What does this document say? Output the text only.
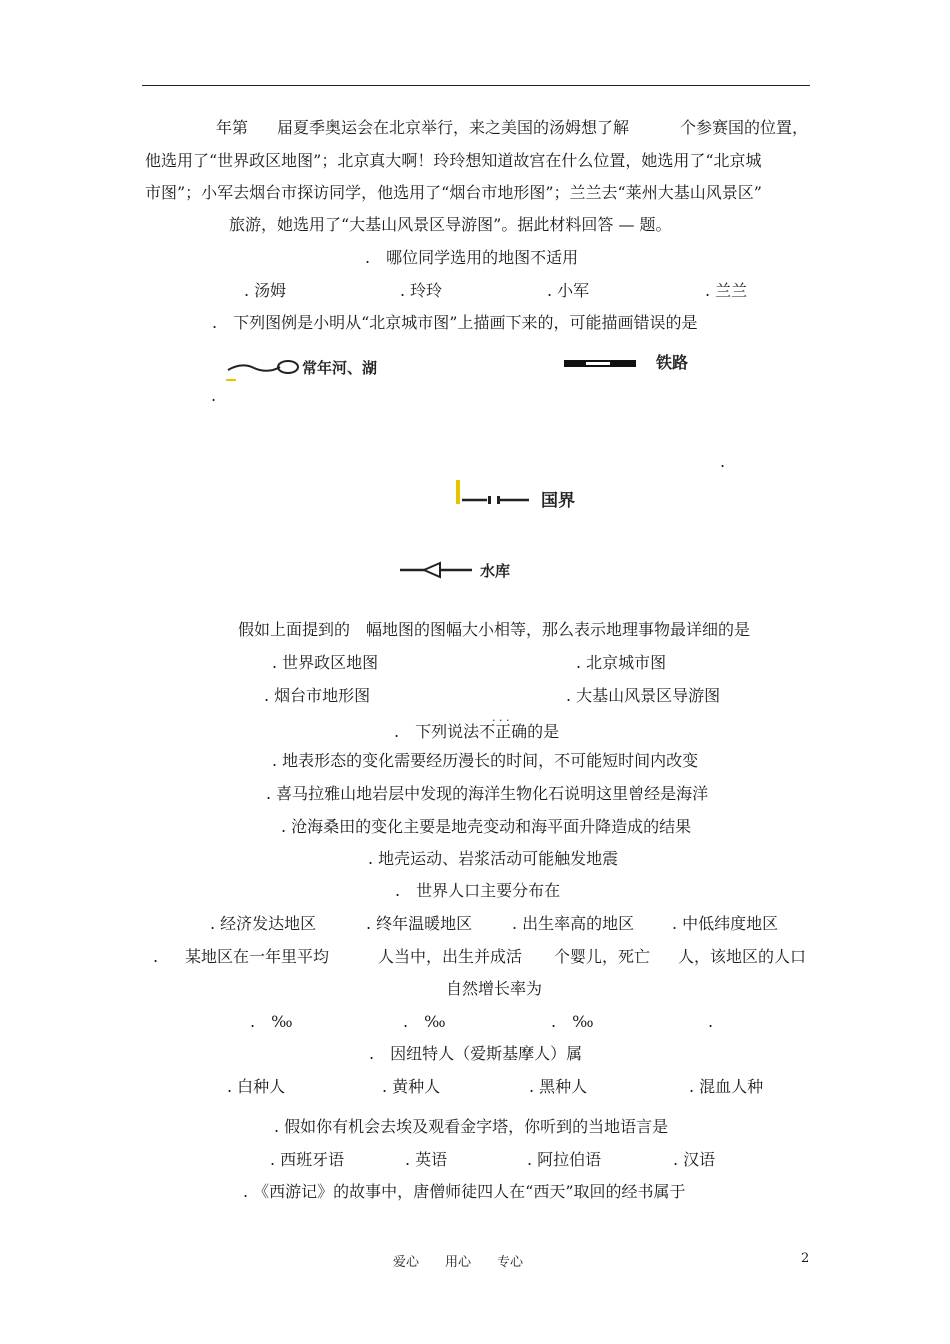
年第 届夏季奥运会在北京举行，来之美国的汤姆想了解	个参赛国的位置，
他选用了“世界政区地图”；北京真大啊！玲玲想知道故宫在什么位置，她选用了“北京城
市图”；小军去烟台市探访同学，他选用了“烟台市地形图”；兰兰去“莱州大基山风景区”
旅游，她选用了“大基山风景区导游图”。据此材料回答 — 题。
.　哪位同学选用的地图不适用
. 汤姆	. 玲玲	. 小军	. 兰兰
.　下列图例是小明从“北京城市图”上描画下来的，可能描画错误的是
常年河、湖	铁路
.
.
国界
水库
假如上面提到的　幅地图的图幅大小相等，那么表示地理事物最详细的是
. 世界政区地图	. 北京城市图
. 烟台市地形图	. 大基山风景区导游图
. . .
.　下列说法不正确的是
. 地表形态的变化需要经历漫长的时间，不可能短时间内改变
. 喜马拉雅山地岩层中发现的海洋生物化石说明这里曾经是海洋
. 沧海桑田的变化主要是地壳变动和海平面升降造成的结果
. 地壳运动、岩浆活动可能触发地震
.　世界人口主要分布在
. 经济发达地区	. 终年温暖地区 . 出生率高的地区 . 中低纬度地区
. 某地区在一年里平均	人当中，出生并成活 个婴儿，死亡 人，该地区的人口
自然增长率为
.　‰	.　‰	.　‰	.
.　因纽特人（爱斯基摩人）属
. 白种人	. 黄种人	. 黑种人	. 混血人种
. 假如你有机会去埃及观看金字塔，你听到的当地语言是
. 西班牙语	. 英语	. 阿拉伯语	. 汉语
. 《西游记》的故事中，唐僧师徒四人在“西天”取回的经书属于
爱心　　用心　　专心	2
